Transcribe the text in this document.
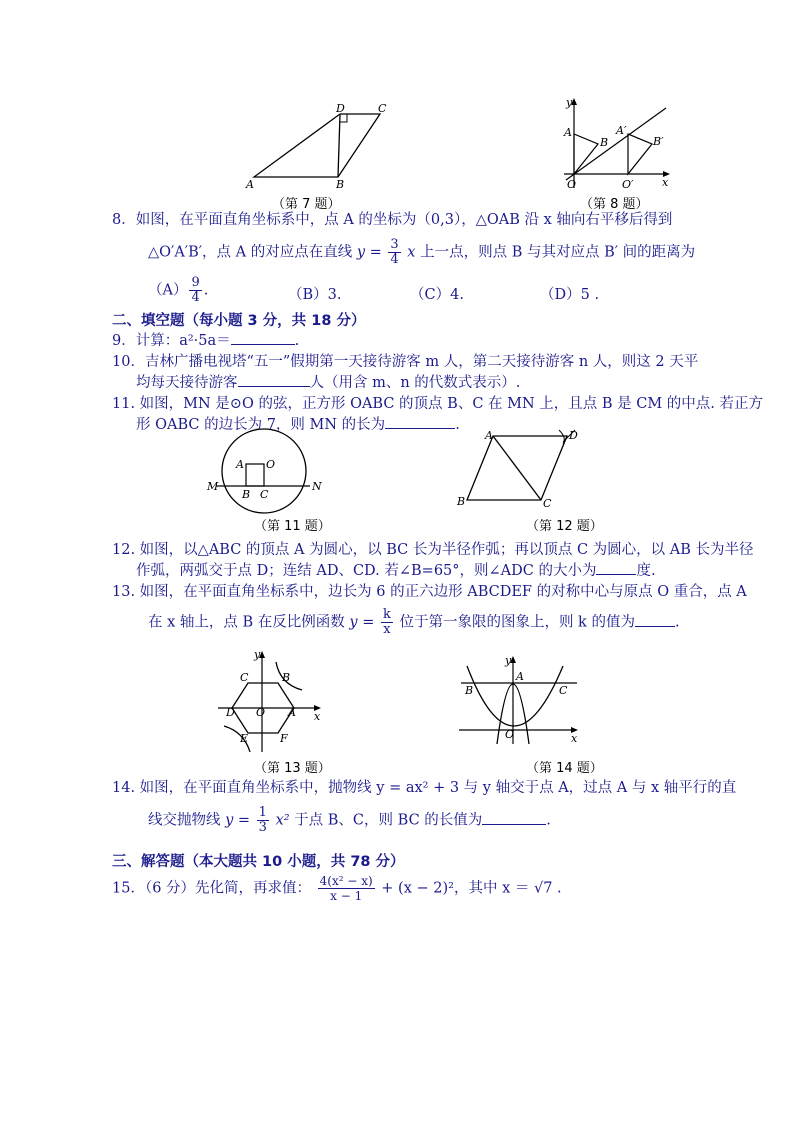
A	B
C
D
（第 7 题）
y
x
A
B
O
A′
B′
O′
（第 8 题）
8．如图，在平面直角坐标系中，点 A 的坐标为（0,3），△OAB 沿 x 轴向右平移后得到
△O′A′B′，点 A 的对应点在直线 $y = \frac{3}{4}$ x 上一点，则点 B 与其对应点 B′ 间的距离为
$(A) \frac{9}{4}$ .	（B）3.	（C）4.	（D）5 .
二、填空题（每小题 3 分，共 18 分）
9．计算：a²·5a＝	.
10．吉林广播电视塔“五一”假期第一天接待游客 m 人，第二天接待游客 n 人，则这 2 天平
均每天接待游客	人（用含 m、n 的代数式表示）.
11. 如图，MN 是⊙O 的弦，正方形 OABC 的顶点 B、C 在 MN 上，且点 B 是 CM 的中点. 若正方
形 OABC 的边长为 7，则 MN 的长为	.
A O
M
B C
N
（第 11 题）
A	D
B	C
（第 12 题）
12. 如图，以△ABC 的顶点 A 为圆心，以 BC 长为半径作弧；再以顶点 C 为圆心，以 AB 长为半径
作弧，两弧交于点 D；连结 AD、CD. 若∠B=65°，则∠ADC 的大小为	度.
13. 如图，在平面直角坐标系中，边长为 6 的正六边形 ABCDEF 的对称中心与原点 O 重合，点 A
在 x 轴上，点 B 在反比例函数 $y = \frac{k}{x}$ 位于第一象限的图象上，则 k 的值为	.
y
x
C	B
D O A
E	F
（第 13 题）
y
x
B
A
C
O
（第 14 题）
14. 如图，在平面直角坐标系中，抛物线 y = ax² + 3 与 y 轴交于点 A，过点 A 与 x 轴平行的直
线交抛物线 $y = \frac{1}{3} x^2$ 于点 B、C，则 BC 的长值为	.
三、解答题（本大题共 10 小题，共 78 分）
15．（6 分）先化简，再求值： $\frac{\text{4(x² − x)}}{x - 1} + (x - 2)^2$，其中 x ＝ √7 .
